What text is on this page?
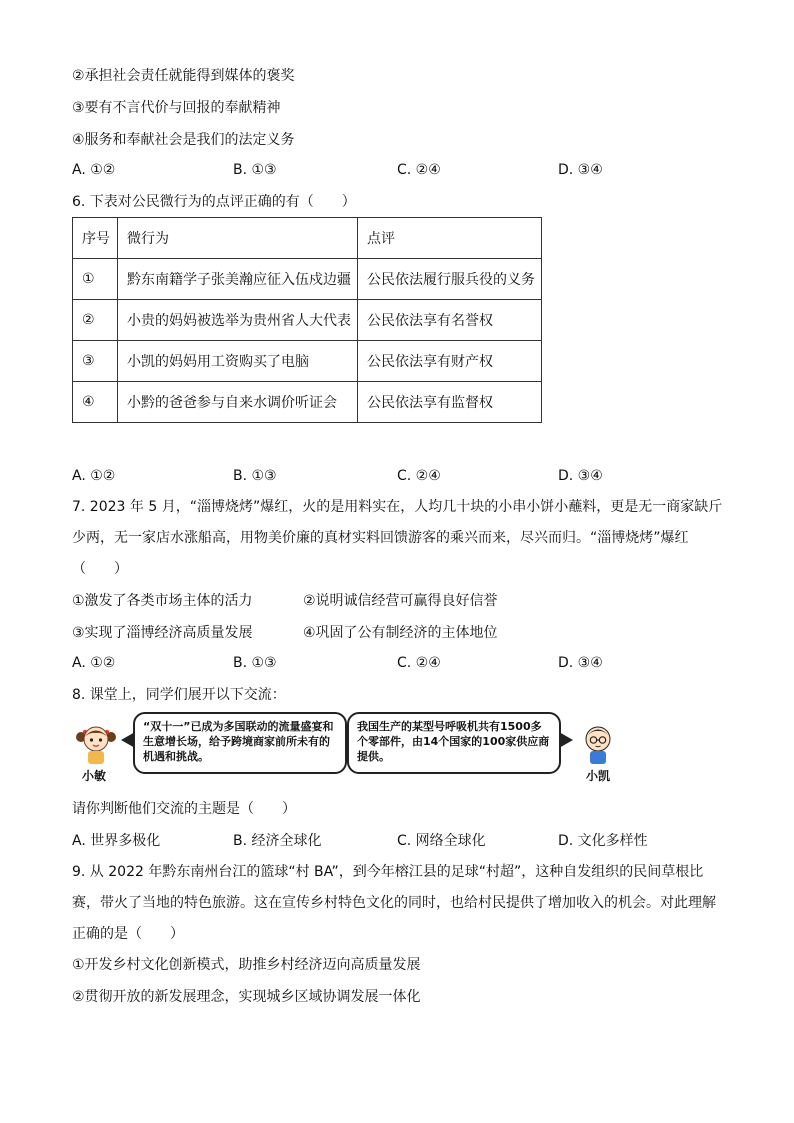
②承担社会责任就能得到媒体的褒奖
③要有不言代价与回报的奉献精神
④服务和奉献社会是我们的法定义务
A. ①②	B. ①③	C. ②④	D. ③④
6. 下表对公民微行为的点评正确的有（　　）
序号	微行为	点评
①	黔东南籍学子张美瀚应征入伍戍边疆	公民依法履行服兵役的义务
②	小贵的妈妈被选举为贵州省人大代表	公民依法享有名誉权
③	小凯的妈妈用工资购买了电脑	公民依法享有财产权
④	小黔的爸爸参与自来水调价听证会	公民依法享有监督权
A. ①②	B. ①③	C. ②④	D. ③④
7. 2023 年 5 月，“淄博烧烤”爆红，火的是用料实在，人均几十块的小串小饼小蘸料，更是无一商家缺斤
少两，无一家店水涨船高，用物美价廉的真材实料回馈游客的乘兴而来，尽兴而归。“淄博烧烤”爆红
（　　）
①激发了各类市场主体的活力	②说明诚信经营可赢得良好信誉
③实现了淄博经济高质量发展	④巩固了公有制经济的主体地位
A. ①②	B. ①③	C. ②④	D. ③④
8. 课堂上，同学们展开以下交流：
小敏
“双十一”已成为多国联动的流量盛宴和生意增长场，给予跨境商家前所未有的机遇和挑战。
我国生产的某型号呼吸机共有1500多个零部件，由14个国家的100家供应商提供。
小凯
请你判断他们交流的主题是（　　）
A. 世界多极化	B. 经济全球化	C. 网络全球化	D. 文化多样性
9. 从 2022 年黔东南州台江的篮球“村 BA”，到今年榕江县的足球“村超”，这种自发组织的民间草根比
赛，带火了当地的特色旅游。这在宣传乡村特色文化的同时，也给村民提供了增加收入的机会。对此理解
正确的是（　　）
①开发乡村文化创新模式，助推乡村经济迈向高质量发展
②贯彻开放的新发展理念，实现城乡区域协调发展一体化
